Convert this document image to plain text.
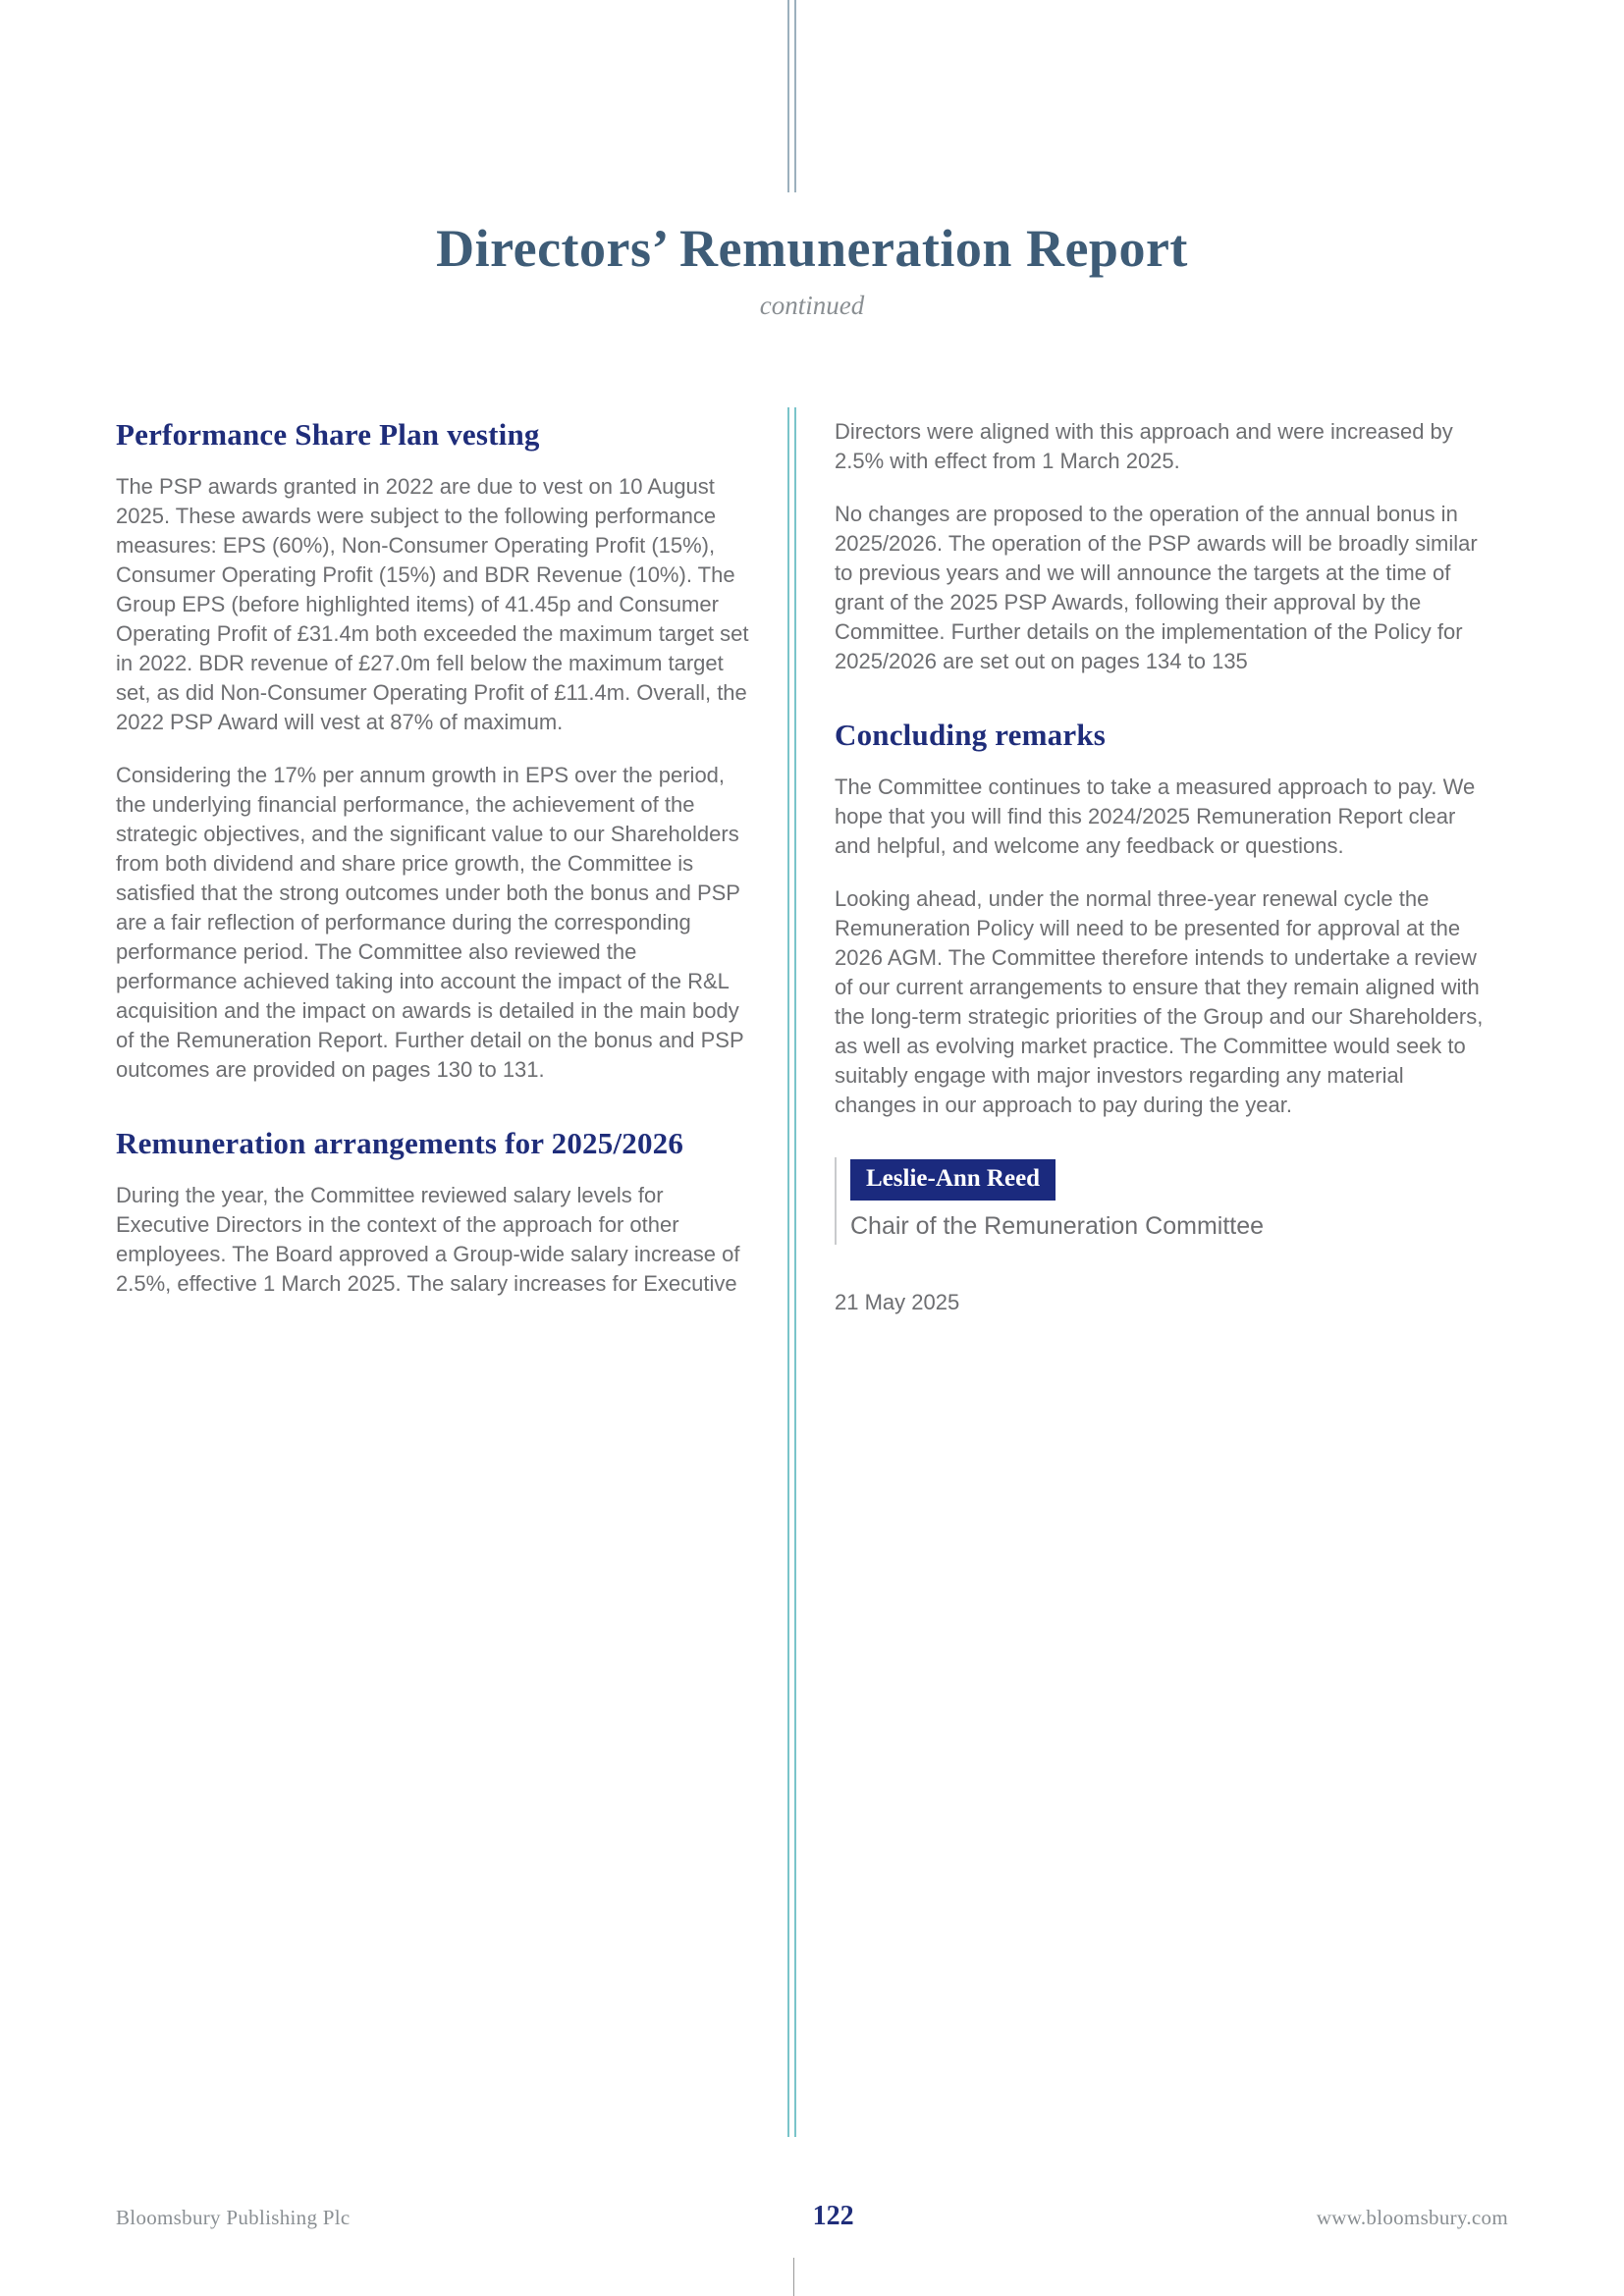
Directors’ Remuneration Report
continued
Performance Share Plan vesting

The PSP awards granted in 2022 are due to vest on 10 August 2025. These awards were subject to the following performance measures: EPS (60%), Non-Consumer Operating Profit (15%), Consumer Operating Profit (15%) and BDR Revenue (10%). The Group EPS (before highlighted items) of 41.45p and Consumer Operating Profit of £31.4m both exceeded the maximum target set in 2022. BDR revenue of £27.0m fell below the maximum target set, as did Non-Consumer Operating Profit of £11.4m. Overall, the 2022 PSP Award will vest at 87% of maximum.

Considering the 17% per annum growth in EPS over the period, the underlying financial performance, the achievement of the strategic objectives, and the significant value to our Shareholders from both dividend and share price growth, the Committee is satisfied that the strong outcomes under both the bonus and PSP are a fair reflection of performance during the corresponding performance period. The Committee also reviewed the performance achieved taking into account the impact of the R&L acquisition and the impact on awards is detailed in the main body of the Remuneration Report. Further detail on the bonus and PSP outcomes are provided on pages 130 to 131.

Remuneration arrangements for 2025/2026

During the year, the Committee reviewed salary levels for Executive Directors in the context of the approach for other employees. The Board approved a Group-wide salary increase of 2.5%, effective 1 March 2025. The salary increases for Executive

Directors were aligned with this approach and were increased by 2.5% with effect from 1 March 2025.

No changes are proposed to the operation of the annual bonus in 2025/2026. The operation of the PSP awards will be broadly similar to previous years and we will announce the targets at the time of grant of the 2025 PSP Awards, following their approval by the Committee. Further details on the implementation of the Policy for 2025/2026 are set out on pages 134 to 135

Concluding remarks

The Committee continues to take a measured approach to pay. We hope that you will find this 2024/2025 Remuneration Report clear and helpful, and welcome any feedback or questions.

Looking ahead, under the normal three-year renewal cycle the Remuneration Policy will need to be presented for approval at the 2026 AGM. The Committee therefore intends to undertake a review of our current arrangements to ensure that they remain aligned with the long-term strategic priorities of the Group and our Shareholders, as well as evolving market practice. The Committee would seek to suitably engage with major investors regarding any material changes in our approach to pay during the year.

Leslie-Ann Reed
Chair of the Remuneration Committee
21 May 2025
Bloomsbury Publishing Plc	122	www.bloomsbury.com
